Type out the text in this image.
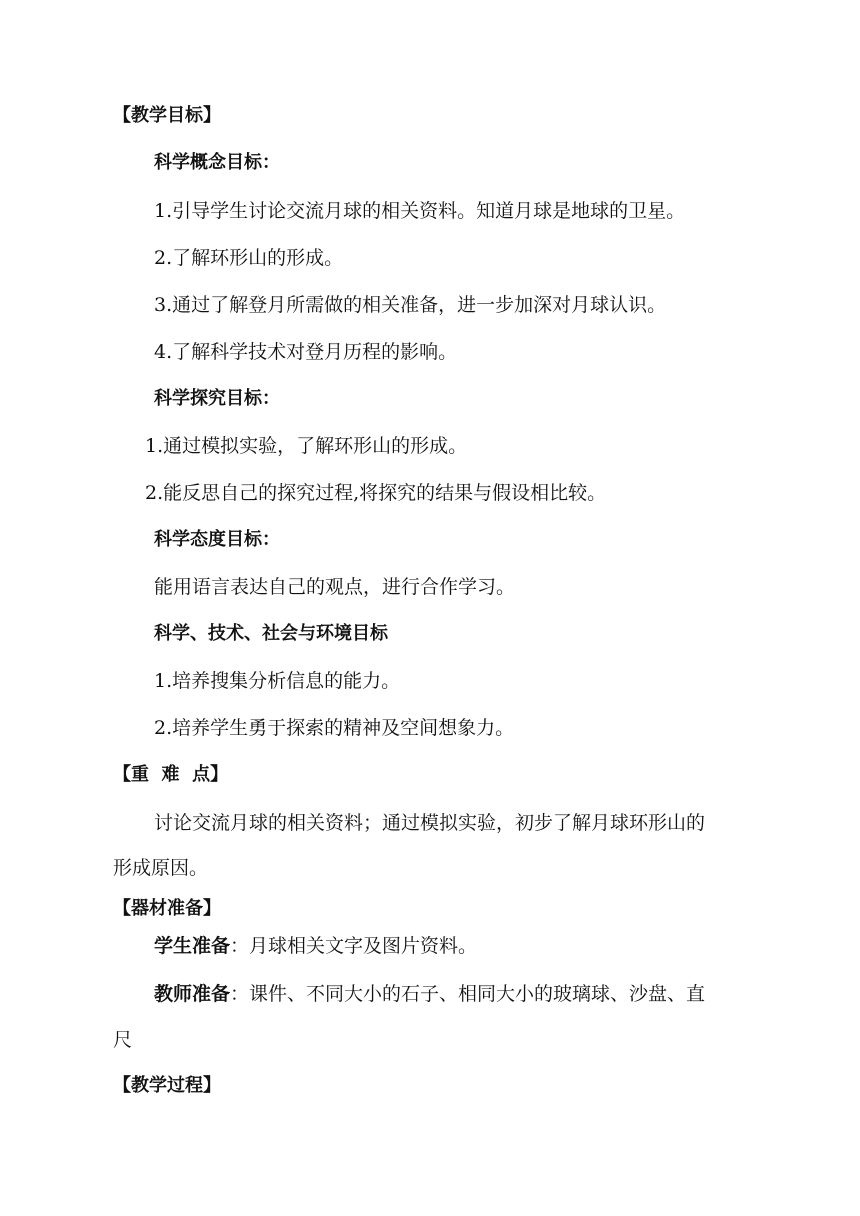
【教学目标】
科学概念目标：
1.引导学生讨论交流月球的相关资料。知道月球是地球的卫星。
2.了解环形山的形成。
3.通过了解登月所需做的相关准备，进一步加深对月球认识。
4.了解科学技术对登月历程的影响。
科学探究目标：
1.通过模拟实验，了解环形山的形成。
2.能反思自己的探究过程,将探究的结果与假设相比较。
科学态度目标：
能用语言表达自己的观点，进行合作学习。
科学、技术、社会与环境目标
1.培养搜集分析信息的能力。
2.培养学生勇于探索的精神及空间想象力。
【重  难  点】
讨论交流月球的相关资料；通过模拟实验，初步了解月球环形山的
形成原因。
【器材准备】
学生准备：月球相关文字及图片资料。
教师准备：课件、不同大小的石子、相同大小的玻璃球、沙盘、直
尺
【教学过程】
